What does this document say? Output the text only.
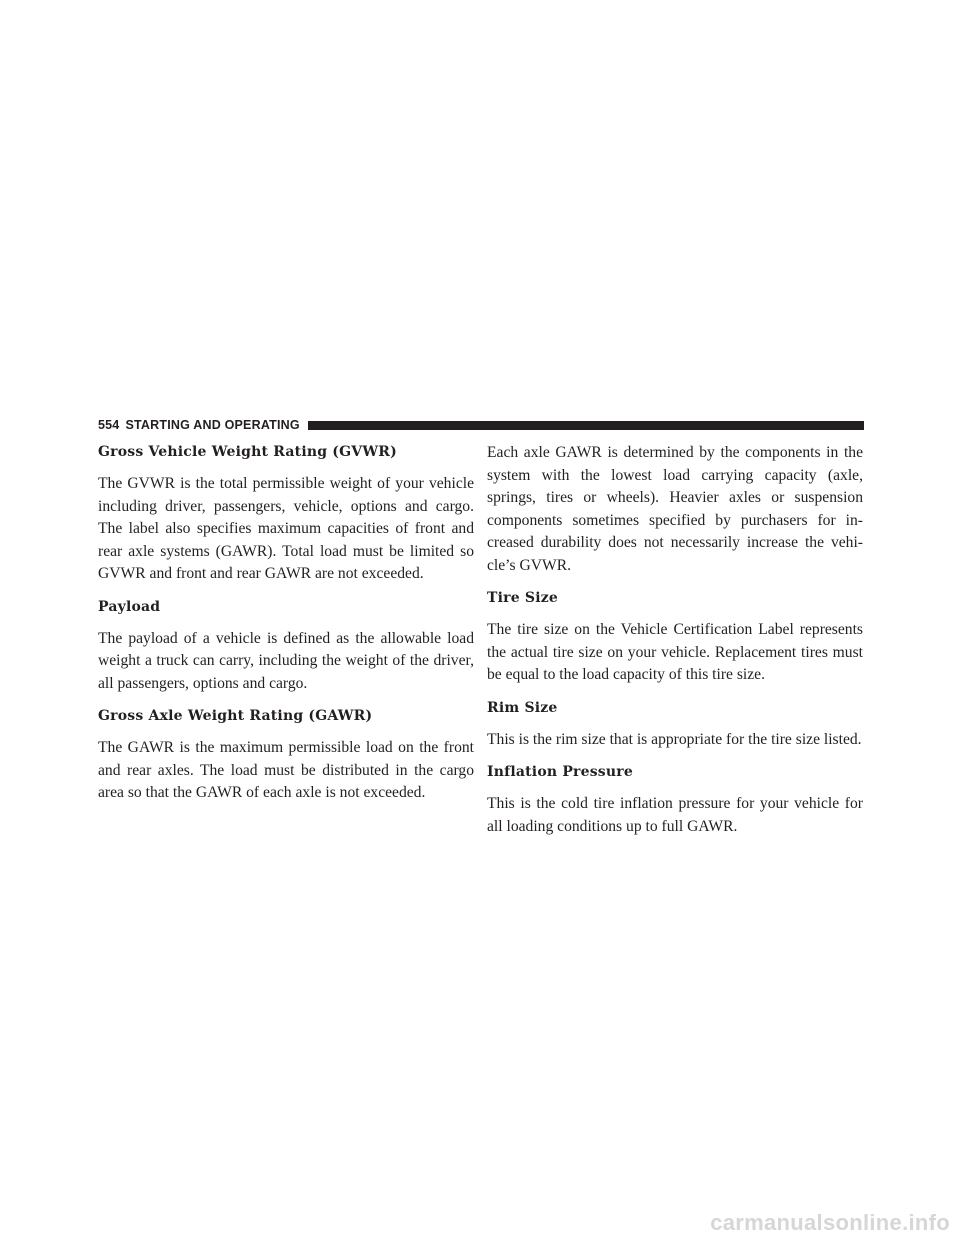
554 STARTING AND OPERATING
Gross Vehicle Weight Rating (GVWR)

The GVWR is the total permissible weight of your vehicle including driver, passengers, vehicle, options and cargo. The label also specifies maximum capacities of front and rear axle systems (GAWR). Total load must be limited so GVWR and front and rear GAWR are not exceeded.

Payload

The payload of a vehicle is defined as the allowable load weight a truck can carry, including the weight of the driver, all passengers, options and cargo.

Gross Axle Weight Rating (GAWR)

The GAWR is the maximum permissible load on the front and rear axles. The load must be distributed in the cargo area so that the GAWR of each axle is not exceeded.

Each axle GAWR is determined by the components in the system with the lowest load carrying capacity (axle, springs, tires or wheels). Heavier axles or suspension components sometimes specified by purchasers for increased durability does not necessarily increase the vehicle’s GVWR.

Tire Size

The tire size on the Vehicle Certification Label represents the actual tire size on your vehicle. Replacement tires must be equal to the load capacity of this tire size.

Rim Size

This is the rim size that is appropriate for the tire size listed.

Inflation Pressure

This is the cold tire inflation pressure for your vehicle for all loading conditions up to full GAWR.

carmanualsonline.info
